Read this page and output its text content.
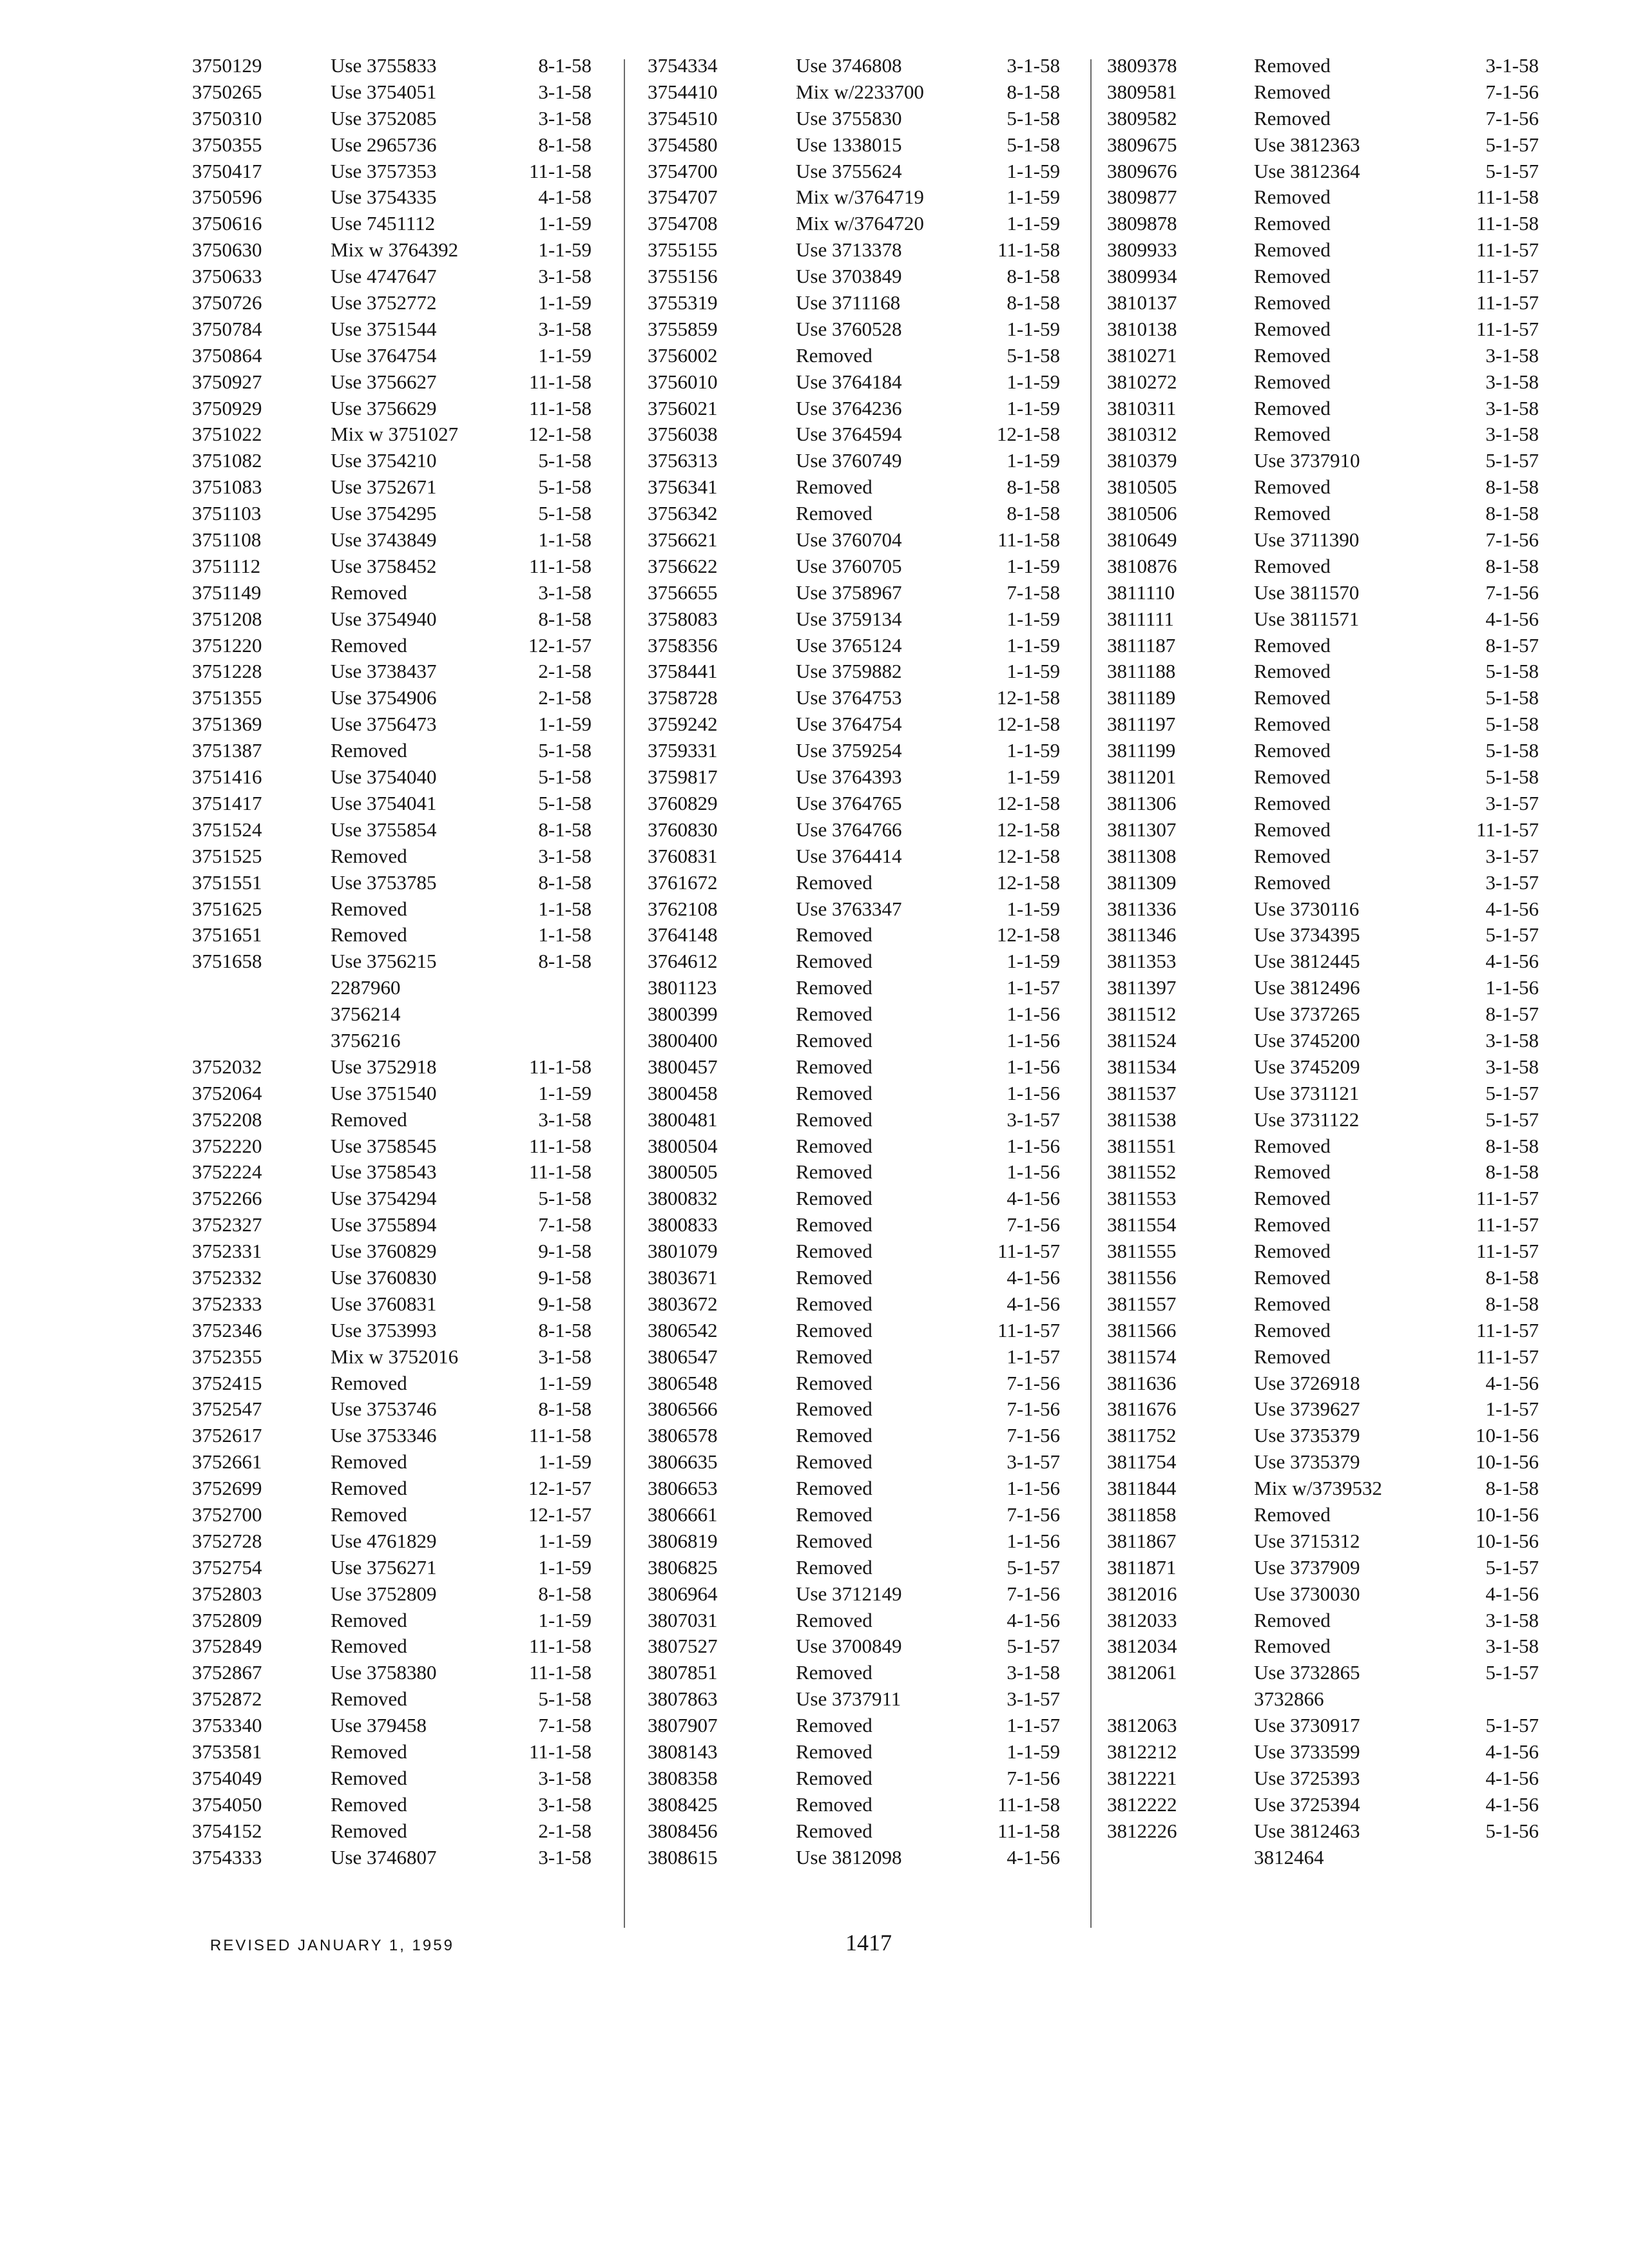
3750129	Use 3755833	8-1-58
3750265	Use 3754051	3-1-58
3750310	Use 3752085	3-1-58
3750355	Use 2965736	8-1-58
3750417	Use 3757353	11-1-58
3750596	Use 3754335	4-1-58
3750616	Use 7451112	1-1-59
3750630	Mix w 3764392	1-1-59
3750633	Use 4747647	3-1-58
3750726	Use 3752772	1-1-59
3750784	Use 3751544	3-1-58
3750864	Use 3764754	1-1-59
3750927	Use 3756627	11-1-58
3750929	Use 3756629	11-1-58
3751022	Mix w 3751027	12-1-58
3751082	Use 3754210	5-1-58
3751083	Use 3752671	5-1-58
3751103	Use 3754295	5-1-58
3751108	Use 3743849	1-1-58
3751112	Use 3758452	11-1-58
3751149	Removed	3-1-58
3751208	Use 3754940	8-1-58
3751220	Removed	12-1-57
3751228	Use 3738437	2-1-58
3751355	Use 3754906	2-1-58
3751369	Use 3756473	1-1-59
3751387	Removed	5-1-58
3751416	Use 3754040	5-1-58
3751417	Use 3754041	5-1-58
3751524	Use 3755854	8-1-58
3751525	Removed	3-1-58
3751551	Use 3753785	8-1-58
3751625	Removed	1-1-58
3751651	Removed	1-1-58
3751658	Use 3756215	8-1-58
2287960
3756214
3756216
3752032	Use 3752918	11-1-58
3752064	Use 3751540	1-1-59
3752208	Removed	3-1-58
3752220	Use 3758545	11-1-58
3752224	Use 3758543	11-1-58
3752266	Use 3754294	5-1-58
3752327	Use 3755894	7-1-58
3752331	Use 3760829	9-1-58
3752332	Use 3760830	9-1-58
3752333	Use 3760831	9-1-58
3752346	Use 3753993	8-1-58
3752355	Mix w 3752016	3-1-58
3752415	Removed	1-1-59
3752547	Use 3753746	8-1-58
3752617	Use 3753346	11-1-58
3752661	Removed	1-1-59
3752699	Removed	12-1-57
3752700	Removed	12-1-57
3752728	Use 4761829	1-1-59
3752754	Use 3756271	1-1-59
3752803	Use 3752809	8-1-58
3752809	Removed	1-1-59
3752849	Removed	11-1-58
3752867	Use 3758380	11-1-58
3752872	Removed	5-1-58
3753340	Use 379458	7-1-58
3753581	Removed	11-1-58
3754049	Removed	3-1-58
3754050	Removed	3-1-58
3754152	Removed	2-1-58
3754333	Use 3746807	3-1-58
3754334	Use 3746808	3-1-58
3754410	Mix w/2233700	8-1-58
3754510	Use 3755830	5-1-58
3754580	Use 1338015	5-1-58
3754700	Use 3755624	1-1-59
3754707	Mix w/3764719	1-1-59
3754708	Mix w/3764720	1-1-59
3755155	Use 3713378	11-1-58
3755156	Use 3703849	8-1-58
3755319	Use 3711168	8-1-58
3755859	Use 3760528	1-1-59
3756002	Removed	5-1-58
3756010	Use 3764184	1-1-59
3756021	Use 3764236	1-1-59
3756038	Use 3764594	12-1-58
3756313	Use 3760749	1-1-59
3756341	Removed	8-1-58
3756342	Removed	8-1-58
3756621	Use 3760704	11-1-58
3756622	Use 3760705	1-1-59
3756655	Use 3758967	7-1-58
3758083	Use 3759134	1-1-59
3758356	Use 3765124	1-1-59
3758441	Use 3759882	1-1-59
3758728	Use 3764753	12-1-58
3759242	Use 3764754	12-1-58
3759331	Use 3759254	1-1-59
3759817	Use 3764393	1-1-59
3760829	Use 3764765	12-1-58
3760830	Use 3764766	12-1-58
3760831	Use 3764414	12-1-58
3761672	Removed	12-1-58
3762108	Use 3763347	1-1-59
3764148	Removed	12-1-58
3764612	Removed	1-1-59
3801123	Removed	1-1-57
3800399	Removed	1-1-56
3800400	Removed	1-1-56
3800457	Removed	1-1-56
3800458	Removed	1-1-56
3800481	Removed	3-1-57
3800504	Removed	1-1-56
3800505	Removed	1-1-56
3800832	Removed	4-1-56
3800833	Removed	7-1-56
3801079	Removed	11-1-57
3803671	Removed	4-1-56
3803672	Removed	4-1-56
3806542	Removed	11-1-57
3806547	Removed	1-1-57
3806548	Removed	7-1-56
3806566	Removed	7-1-56
3806578	Removed	7-1-56
3806635	Removed	3-1-57
3806653	Removed	1-1-56
3806661	Removed	7-1-56
3806819	Removed	1-1-56
3806825	Removed	5-1-57
3806964	Use 3712149	7-1-56
3807031	Removed	4-1-56
3807527	Use 3700849	5-1-57
3807851	Removed	3-1-58
3807863	Use 3737911	3-1-57
3807907	Removed	1-1-57
3808143	Removed	1-1-59
3808358	Removed	7-1-56
3808425	Removed	11-1-58
3808456	Removed	11-1-58
3808615	Use 3812098	4-1-56
3809378	Removed	3-1-58
3809581	Removed	7-1-56
3809582	Removed	7-1-56
3809675	Use 3812363	5-1-57
3809676	Use 3812364	5-1-57
3809877	Removed	11-1-58
3809878	Removed	11-1-58
3809933	Removed	11-1-57
3809934	Removed	11-1-57
3810137	Removed	11-1-57
3810138	Removed	11-1-57
3810271	Removed	3-1-58
3810272	Removed	3-1-58
3810311	Removed	3-1-58
3810312	Removed	3-1-58
3810379	Use 3737910	5-1-57
3810505	Removed	8-1-58
3810506	Removed	8-1-58
3810649	Use 3711390	7-1-56
3810876	Removed	8-1-58
3811110	Use 3811570	7-1-56
3811111	Use 3811571	4-1-56
3811187	Removed	8-1-57
3811188	Removed	5-1-58
3811189	Removed	5-1-58
3811197	Removed	5-1-58
3811199	Removed	5-1-58
3811201	Removed	5-1-58
3811306	Removed	3-1-57
3811307	Removed	11-1-57
3811308	Removed	3-1-57
3811309	Removed	3-1-57
3811336	Use 3730116	4-1-56
3811346	Use 3734395	5-1-57
3811353	Use 3812445	4-1-56
3811397	Use 3812496	1-1-56
3811512	Use 3737265	8-1-57
3811524	Use 3745200	3-1-58
3811534	Use 3745209	3-1-58
3811537	Use 3731121	5-1-57
3811538	Use 3731122	5-1-57
3811551	Removed	8-1-58
3811552	Removed	8-1-58
3811553	Removed	11-1-57
3811554	Removed	11-1-57
3811555	Removed	11-1-57
3811556	Removed	8-1-58
3811557	Removed	8-1-58
3811566	Removed	11-1-57
3811574	Removed	11-1-57
3811636	Use 3726918	4-1-56
3811676	Use 3739627	1-1-57
3811752	Use 3735379	10-1-56
3811754	Use 3735379	10-1-56
3811844	Mix w/3739532	8-1-58
3811858	Removed	10-1-56
3811867	Use 3715312	10-1-56
3811871	Use 3737909	5-1-57
3812016	Use 3730030	4-1-56
3812033	Removed	3-1-58
3812034	Removed	3-1-58
3812061	Use 3732865	5-1-57
3732866
3812063	Use 3730917	5-1-57
3812212	Use 3733599	4-1-56
3812221	Use 3725393	4-1-56
3812222	Use 3725394	4-1-56
3812226	Use 3812463	5-1-56
3812464
REVISED JANUARY 1, 1959	1417
